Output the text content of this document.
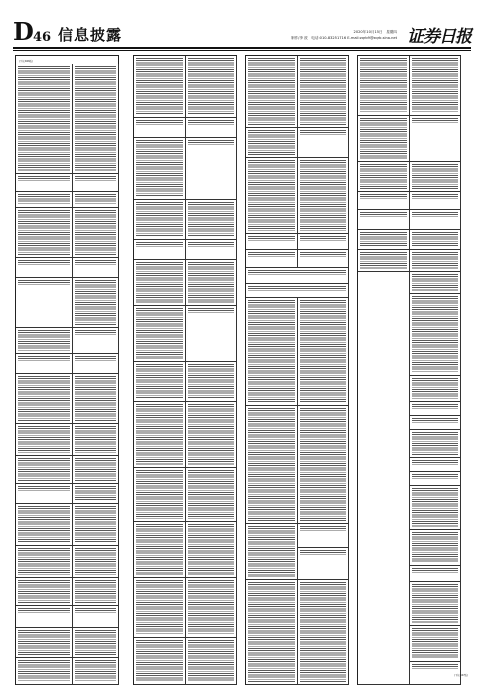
D 46 信息披露	2020年10月15日　星期四
制作/李 波　电话:010-83251716 E-mail:zqrb9@zqrb.sina.net 证券日报
(下转D46版)
(下转D47版)
